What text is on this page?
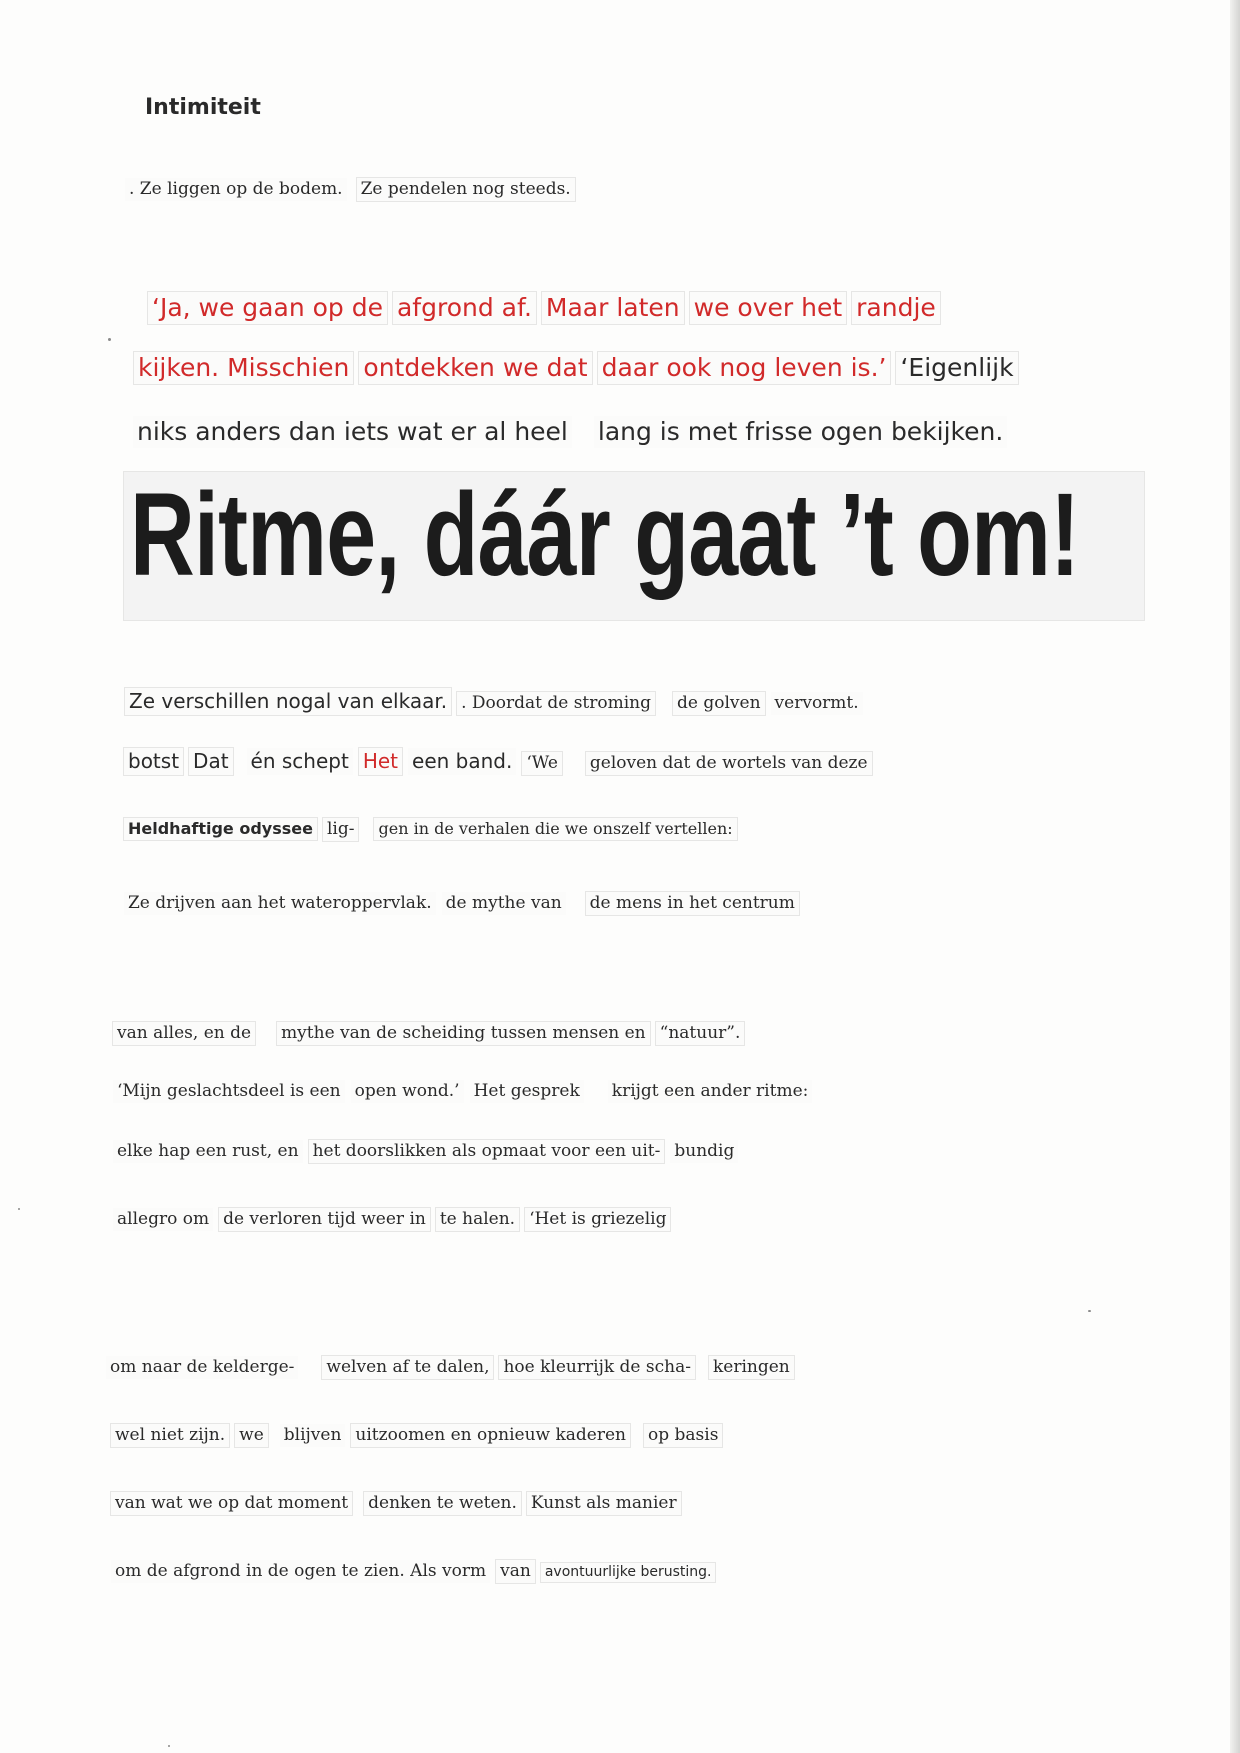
Intimiteit
. Ze liggen op de bodem. Ze pendelen nog steeds.
‘Ja, we gaan op de afgrond af. Maar laten we over het randje
kijken. Misschien ontdekken we dat daar ook nog leven is.’ ‘Eigenlijk
niks anders dan iets wat er al heel lang is met frisse ogen bekijken.
Ritme, dáár gaat ’t om!
Ze verschillen nogal van elkaar. . Doordat de stroming de golven vervormt.
botst Dat én schept Het een band. ‘We geloven dat de wortels van deze
Heldhaftige odyssee lig- gen in de verhalen die we onszelf vertellen:
Ze drijven aan het wateroppervlak. de mythe van de mens in het centrum
van alles, en de mythe van de scheiding tussen mensen en “natuur”.
‘Mijn geslachtsdeel is een open wond.’ Het gesprek krijgt een ander ritme:
elke hap een rust, en het doorslikken als opmaat voor een uit- bundig
allegro om de verloren tijd weer in te halen. ‘Het is griezelig
om naar de kelderge- welven af te dalen, hoe kleurrijk de scha- keringen
wel niet zijn. we blijven uitzoomen en opnieuw kaderen op basis
van wat we op dat moment denken te weten. Kunst als manier
om de afgrond in de ogen te zien. Als vorm van avontuurlijke berusting.
